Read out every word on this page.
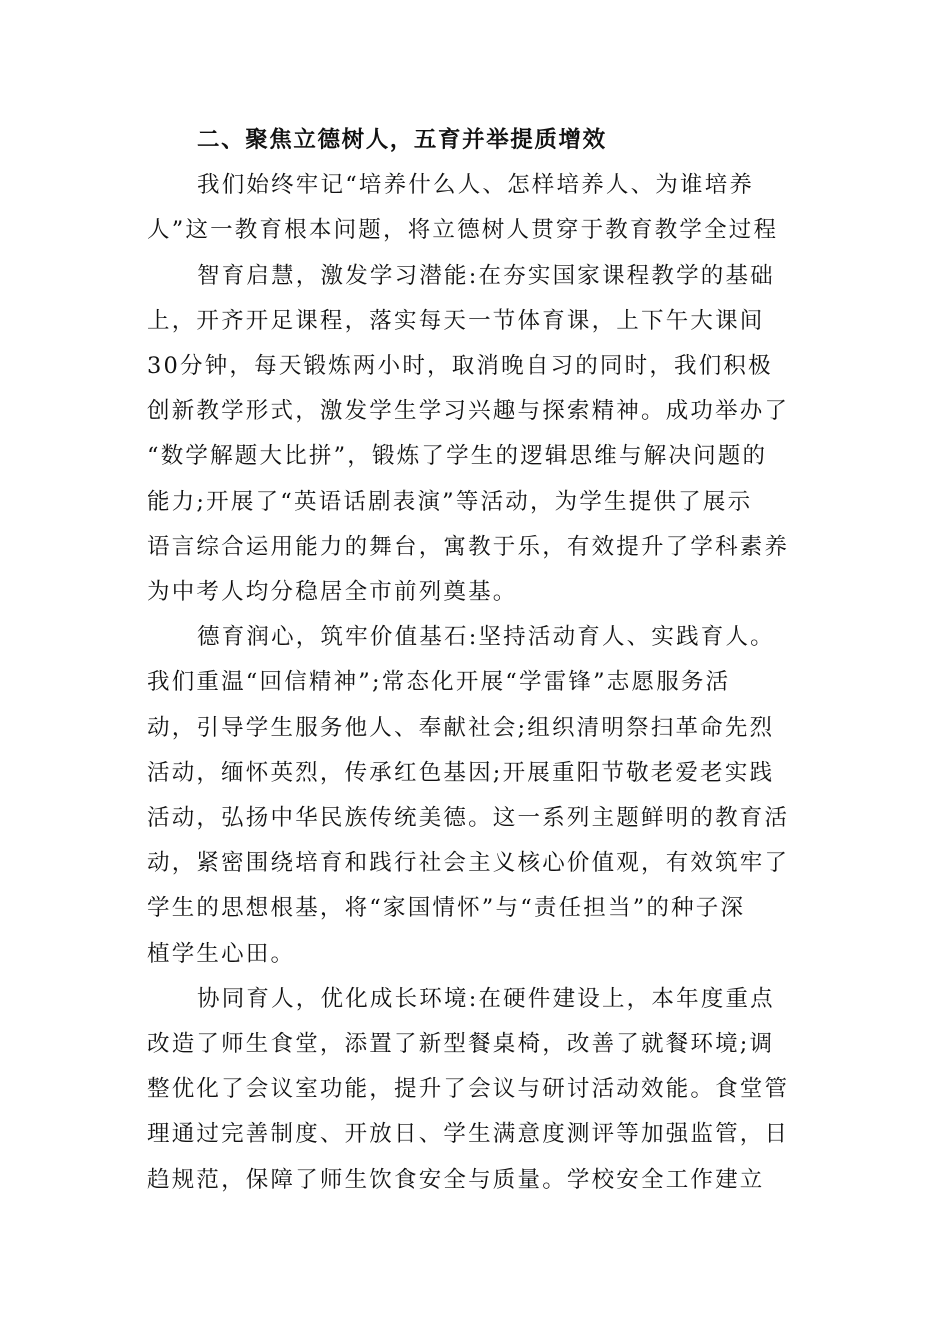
二、聚焦立德树人，五育并举提质增效
我们始终牢记“培养什么人、怎样培养人、为谁培养
人”这一教育根本问题，将立德树人贯穿于教育教学全过程
智育启慧，激发学习潜能:在夯实国家课程教学的基础
上，开齐开足课程，落实每天一节体育课，上下午大课间
30分钟，每天锻炼两小时，取消晚自习的同时，我们积极
创新教学形式，激发学生学习兴趣与探索精神。成功举办了
“数学解题大比拼”，锻炼了学生的逻辑思维与解决问题的
能力;开展了“英语话剧表演”等活动，为学生提供了展示
语言综合运用能力的舞台，寓教于乐，有效提升了学科素养
为中考人均分稳居全市前列奠基。
德育润心，筑牢价值基石:坚持活动育人、实践育人。
我们重温“回信精神”;常态化开展“学雷锋”志愿服务活
动，引导学生服务他人、奉献社会;组织清明祭扫革命先烈
活动，缅怀英烈，传承红色基因;开展重阳节敬老爱老实践
活动，弘扬中华民族传统美德。这一系列主题鲜明的教育活
动，紧密围绕培育和践行社会主义核心价值观，有效筑牢了
学生的思想根基，将“家国情怀”与“责任担当”的种子深
植学生心田。
协同育人，优化成长环境:在硬件建设上，本年度重点
改造了师生食堂，添置了新型餐桌椅，改善了就餐环境;调
整优化了会议室功能，提升了会议与研讨活动效能。食堂管
理通过完善制度、开放日、学生满意度测评等加强监管，日
趋规范，保障了师生饮食安全与质量。学校安全工作建立
